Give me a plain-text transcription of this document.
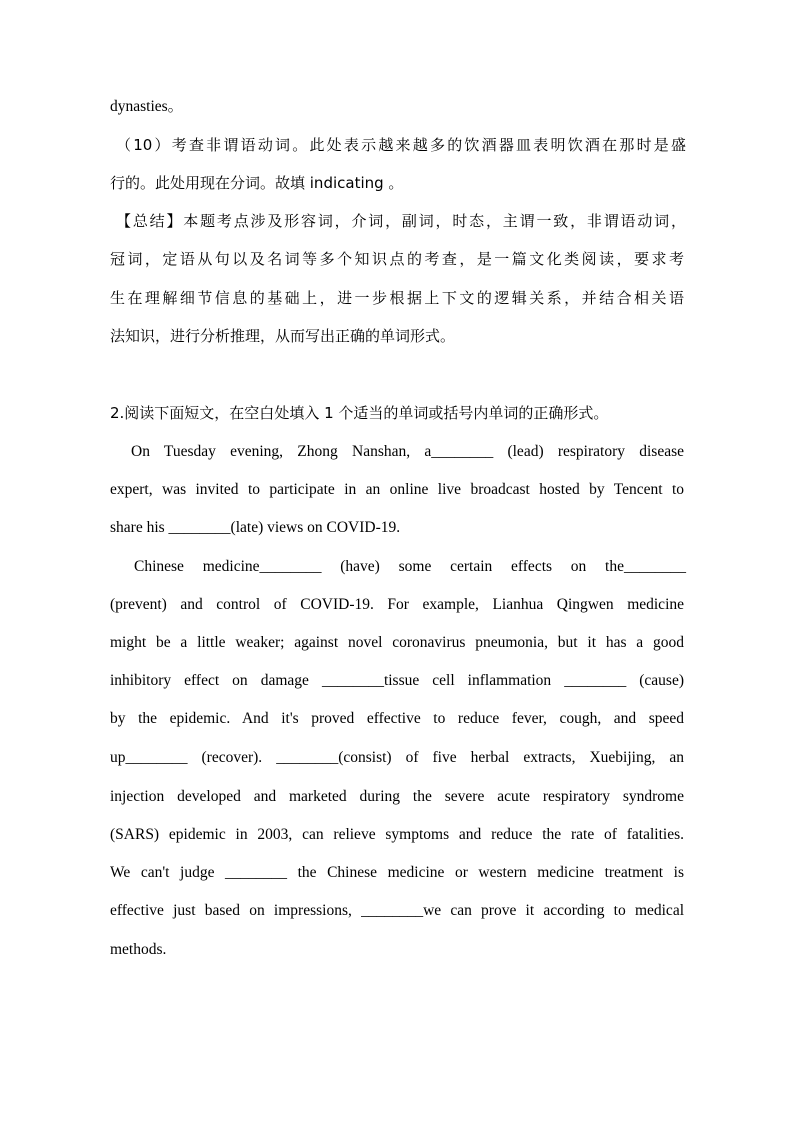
dynasties。
（10）考查非谓语动词。此处表示越来越多的饮酒器皿表明饮酒在那时是盛
行的。此处用现在分词。故填 indicating 。
【总结】本题考点涉及形容词，介词，副词，时态，主谓一致，非谓语动词，
冠词，定语从句以及名词等多个知识点的考查，是一篇文化类阅读，要求考
生在理解细节信息的基础上，进一步根据上下文的逻辑关系，并结合相关语
法知识，进行分析推理，从而写出正确的单词形式。
2.阅读下面短文，在空白处填入 1 个适当的单词或括号内单词的正确形式。
On Tuesday evening, Zhong Nanshan, a________ (lead) respiratory disease
expert, was invited to participate in an online live broadcast hosted by Tencent to
share his ________(late) views on COVID-19.
Chinese medicine________ (have) some certain effects on the________
(prevent) and control of COVID-19. For example, Lianhua Qingwen medicine
might be a little weaker; against novel coronavirus pneumonia, but it has a good
inhibitory effect on damage ________tissue cell inflammation ________ (cause)
by the epidemic. And it's proved effective to reduce fever, cough, and speed
up________ (recover). ________(consist) of five herbal extracts, Xuebijing, an
injection developed and marketed during the severe acute respiratory syndrome
(SARS) epidemic in 2003, can relieve symptoms and reduce the rate of fatalities.
We can't judge ________ the Chinese medicine or western medicine treatment is
effective just based on impressions, ________we can prove it according to medical
methods.
